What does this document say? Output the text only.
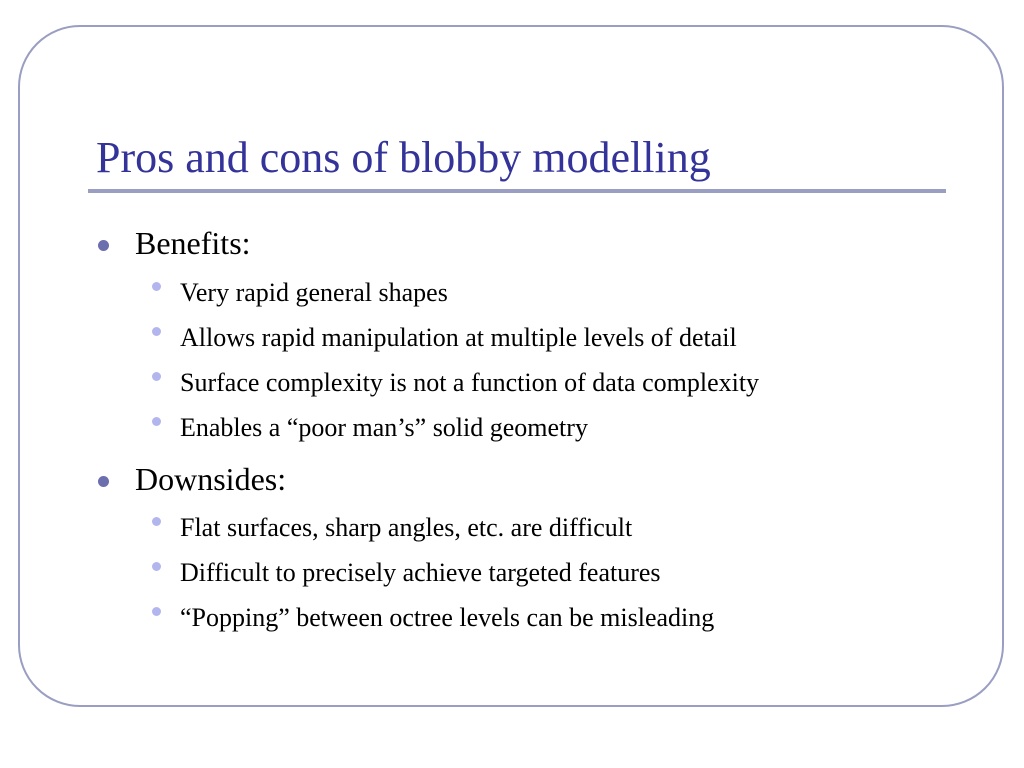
Pros and cons of blobby modelling
Benefits:
Very rapid general shapes
Allows rapid manipulation at multiple levels of detail
Surface complexity is not a function of data complexity
Enables a “poor man’s” solid geometry
Downsides:
Flat surfaces, sharp angles, etc. are difficult
Difficult to precisely achieve targeted features
“Popping” between octree levels can be misleading
